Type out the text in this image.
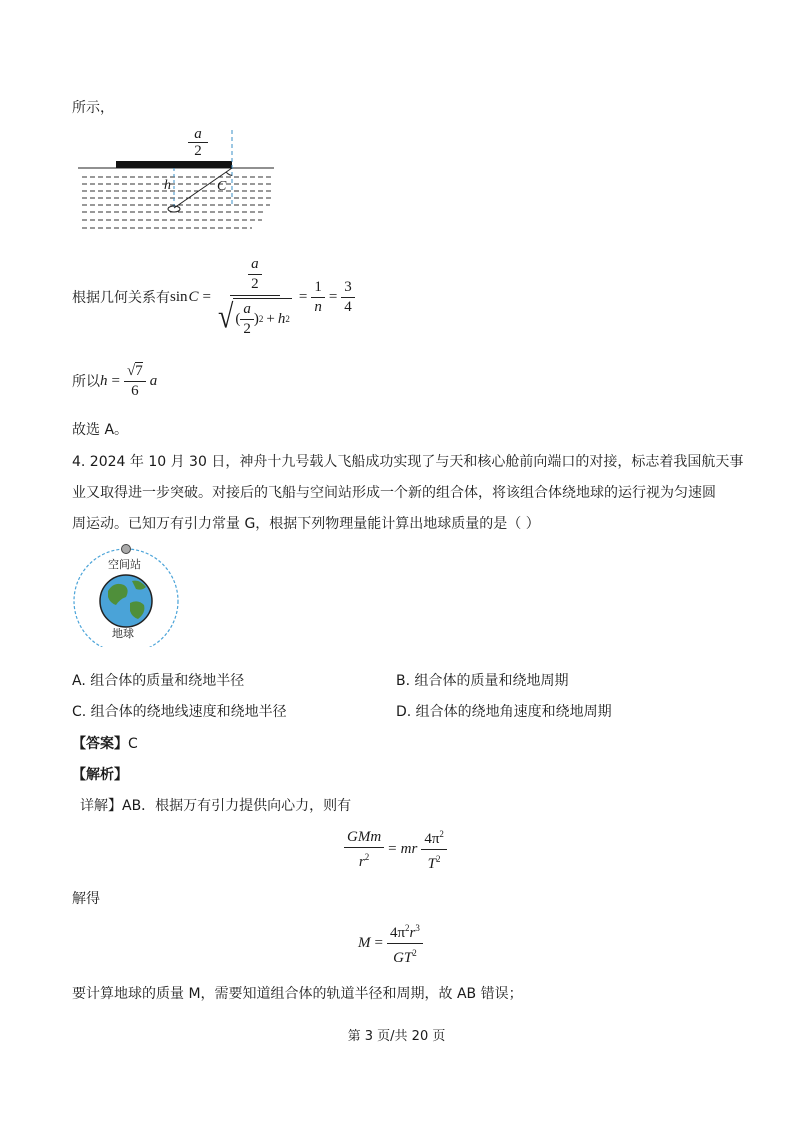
所示，
$\frac{a}{2}$
h	C
根据几何关系有 sin C =
$\frac{a}{2}$
√ ( $\frac{a}{2}$ ) 2 + h 2
= $\frac{1}{n} = \frac{3}{4}$
所以 $h = \frac{√ 7}{6}$ a
故选 A。
4. 2024 年 10 月 30 日，神舟十九号载人飞船成功实现了与天和核心舱前向端口的对接，标志着我国航天事
业又取得进一步突破。对接后的飞船与空间站形成一个新的组合体，将该组合体绕地球的运行视为匀速圆
周运动。已知万有引力常量 G，根据下列物理量能计算出地球质量的是（ ）
空间站
地球
A. 组合体的质量和绕地半径	B. 组合体的质量和绕地周期
C. 组合体的绕地线速度和绕地半径	D. 组合体的绕地角速度和绕地周期
【答案】C
【解析】
详解】AB．根据万有引力提供向心力，则有
$\frac{\text{GMm}}{r^2}$ = mr $\frac{4\pi^2}{T^2}$
解得
$M = \frac{4\pi^2r^3}{GT^2}$
要计算地球的质量 M，需要知道组合体的轨道半径和周期，故 AB 错误；
第 3 页/共 20 页
